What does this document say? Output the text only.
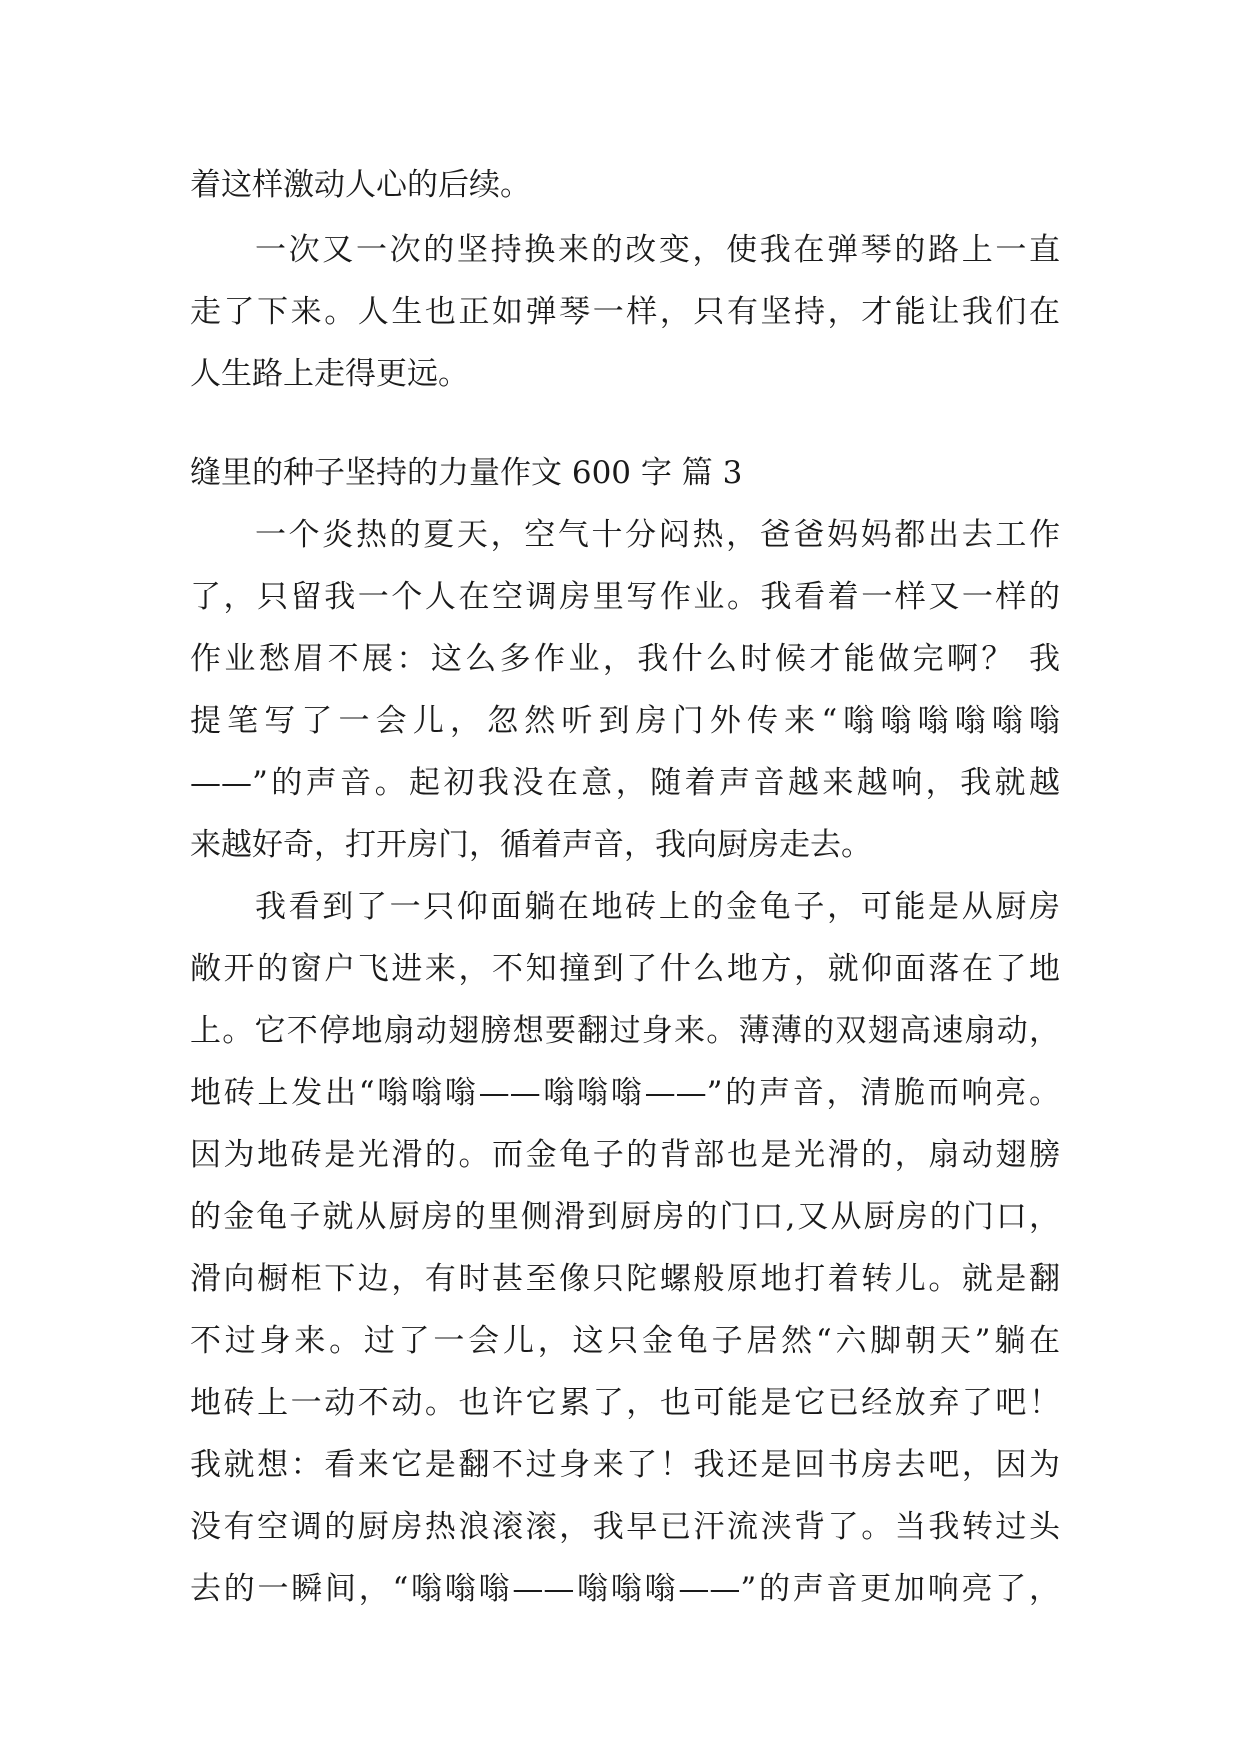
着这样激动人心的后续。
一次又一次的坚持换来的改变，使我在弹琴的路上一直
走了下来。人生也正如弹琴一样，只有坚持，才能让我们在
人生路上走得更远。
缝里的种子坚持的力量作文 600 字 篇 3
一个炎热的夏天，空气十分闷热，爸爸妈妈都出去工作
了，只留我一个人在空调房里写作业。我看着一样又一样的
作业愁眉不展：这么多作业，我什么时候才能做完啊？ 我
提笔写了一会儿，忽然听到房门外传来“嗡嗡嗡嗡嗡嗡
——”的声音。起初我没在意，随着声音越来越响，我就越
来越好奇，打开房门，循着声音，我向厨房走去。
我看到了一只仰面躺在地砖上的金龟子，可能是从厨房
敞开的窗户飞进来，不知撞到了什么地方，就仰面落在了地
上。它不停地扇动翅膀想要翻过身来。薄薄的双翅高速扇动，
地砖上发出“嗡嗡嗡——嗡嗡嗡——”的声音，清脆而响亮。
因为地砖是光滑的。而金龟子的背部也是光滑的，扇动翅膀
的金龟子就从厨房的里侧滑到厨房的门口,又从厨房的门口，
滑向橱柜下边，有时甚至像只陀螺般原地打着转儿。就是翻
不过身来。过了一会儿，这只金龟子居然“六脚朝天”躺在
地砖上一动不动。也许它累了，也可能是它已经放弃了吧！
我就想：看来它是翻不过身来了！我还是回书房去吧，因为
没有空调的厨房热浪滚滚，我早已汗流浃背了。当我转过头
去的一瞬间，“嗡嗡嗡——嗡嗡嗡——”的声音更加响亮了，
